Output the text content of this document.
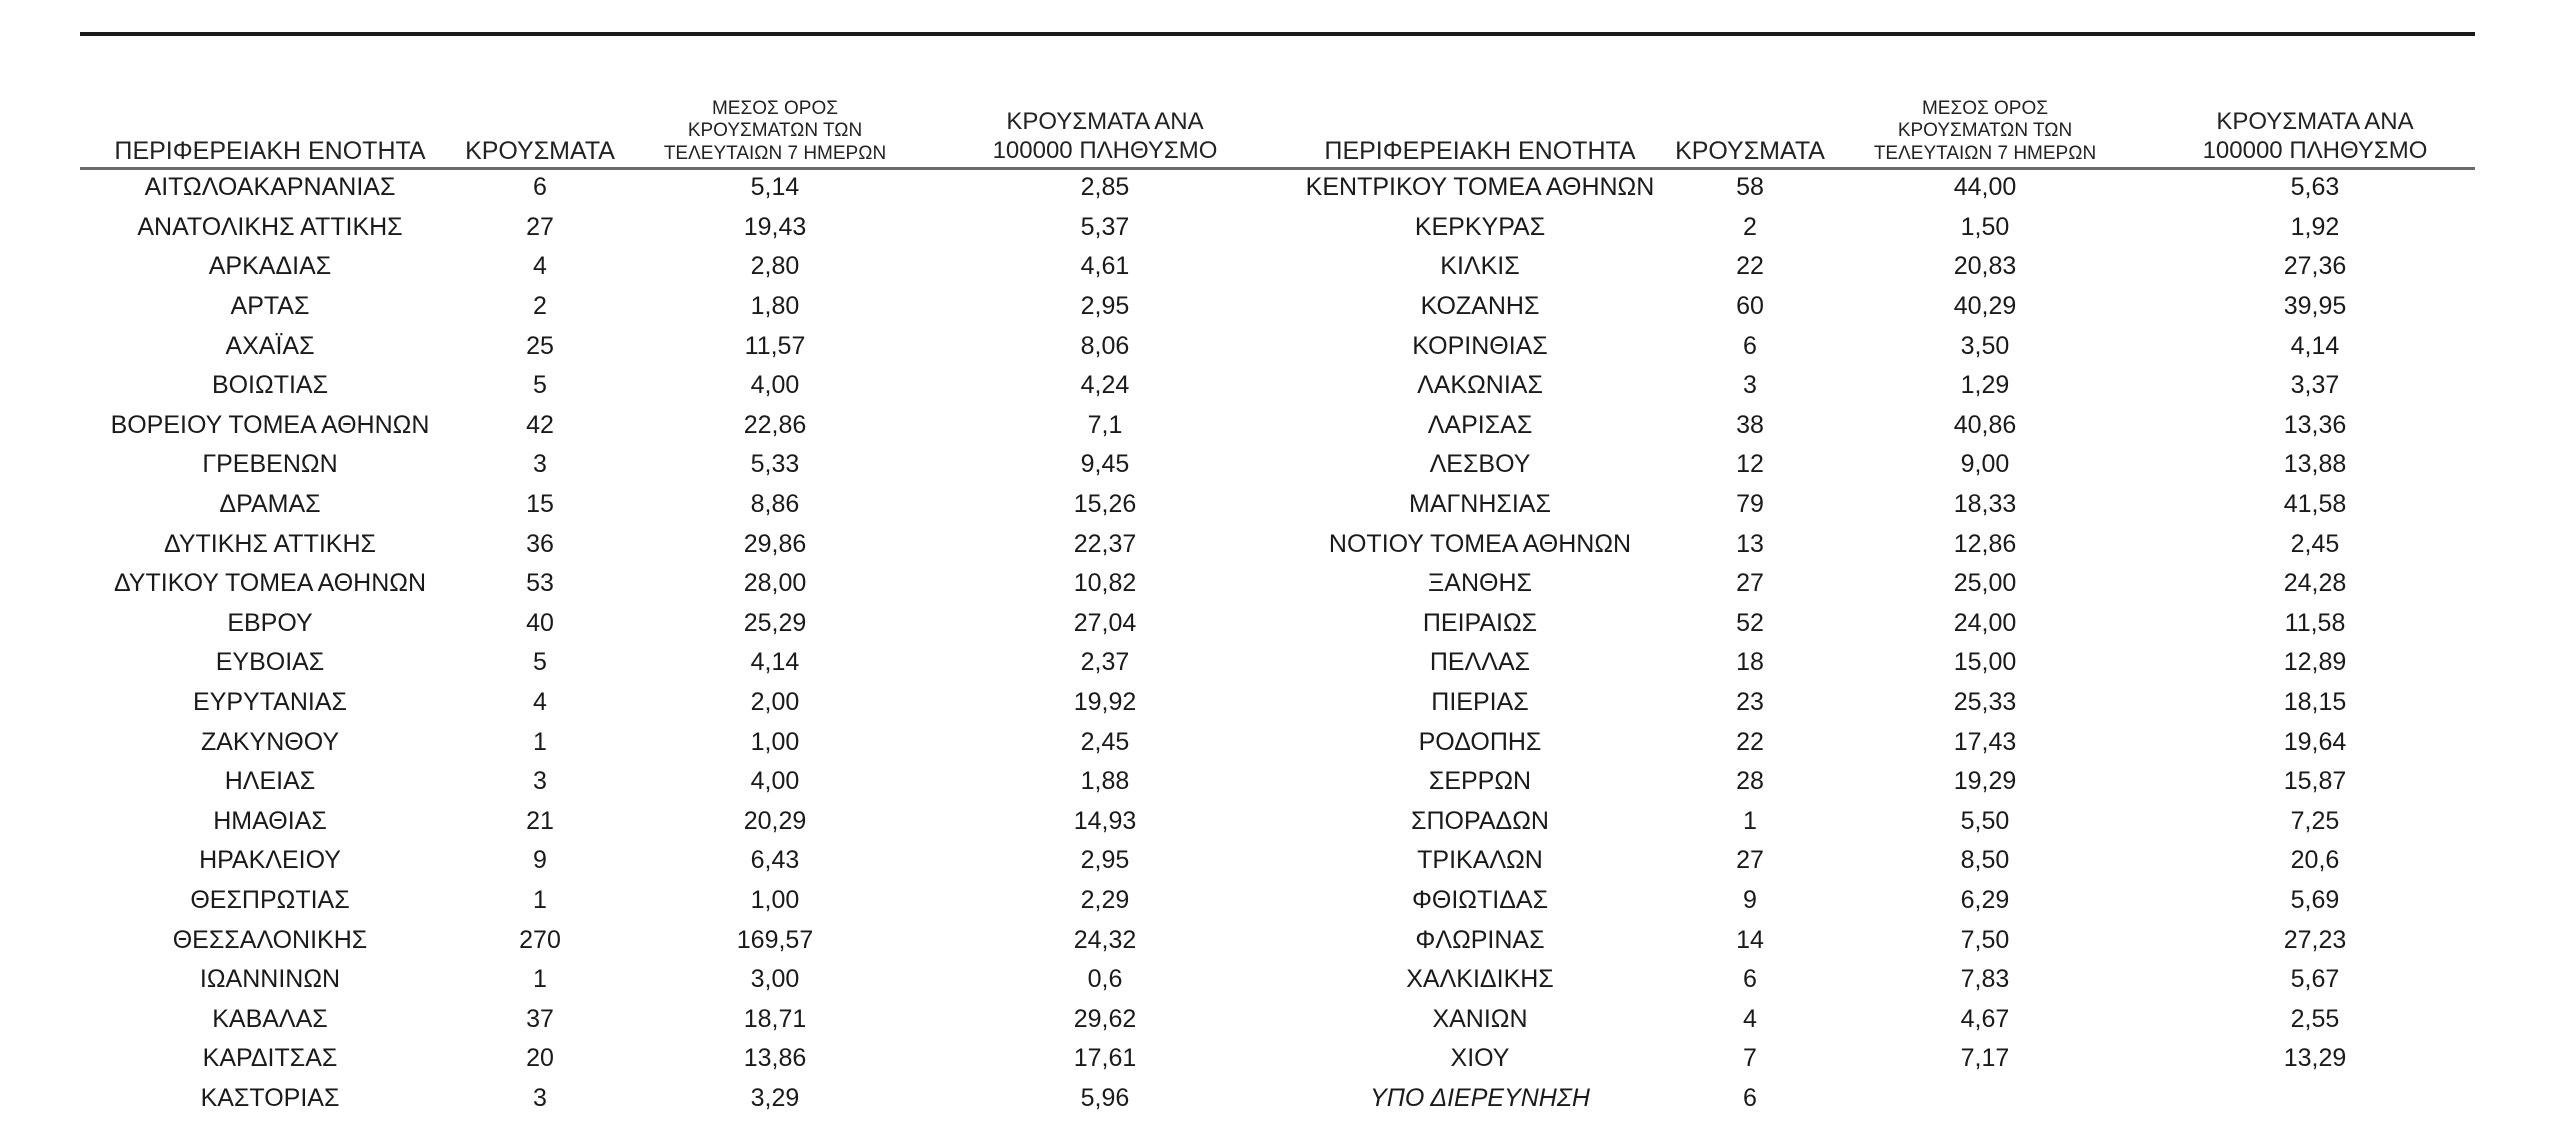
ΠΕΡΙΦΕΡΕΙΑΚΗ ΕΝΟΤΗΤΑ	ΚΡΟΥΣΜΑΤΑ	ΜΕΣΟΣ ΟΡΟΣ
ΚΡΟΥΣΜΑΤΩΝ ΤΩΝ
ΤΕΛΕΥΤΑΙΩΝ 7 ΗΜΕΡΩΝ	ΚΡΟΥΣΜΑΤΑ ΑΝΑ
100000 ΠΛΗΘΥΣΜΟ

ΑΙΤΩΛΟΑΚΑΡΝΑΝΙΑΣ	6	5,14	2,85
ΑΝΑΤΟΛΙΚΗΣ ΑΤΤΙΚΗΣ	27	19,43	5,37
ΑΡΚΑΔΙΑΣ	4	2,80	4,61
ΑΡΤΑΣ	2	1,80	2,95
ΑΧΑΪΑΣ	25	11,57	8,06
ΒΟΙΩΤΙΑΣ	5	4,00	4,24
ΒΟΡΕΙΟΥ ΤΟΜΕΑ ΑΘΗΝΩΝ	42	22,86	7,1
ΓΡΕΒΕΝΩΝ	3	5,33	9,45
ΔΡΑΜΑΣ	15	8,86	15,26
ΔΥΤΙΚΗΣ ΑΤΤΙΚΗΣ	36	29,86	22,37
ΔΥΤΙΚΟΥ ΤΟΜΕΑ ΑΘΗΝΩΝ	53	28,00	10,82
ΕΒΡΟΥ	40	25,29	27,04
ΕΥΒΟΙΑΣ	5	4,14	2,37
ΕΥΡΥΤΑΝΙΑΣ	4	2,00	19,92
ΖΑΚΥΝΘΟΥ	1	1,00	2,45
ΗΛΕΙΑΣ	3	4,00	1,88
ΗΜΑΘΙΑΣ	21	20,29	14,93
ΗΡΑΚΛΕΙΟΥ	9	6,43	2,95
ΘΕΣΠΡΩΤΙΑΣ	1	1,00	2,29
ΘΕΣΣΑΛΟΝΙΚΗΣ	270	169,57	24,32
ΙΩΑΝΝΙΝΩΝ	1	3,00	0,6
ΚΑΒΑΛΑΣ	37	18,71	29,62
ΚΑΡΔΙΤΣΑΣ	20	13,86	17,61
ΚΑΣΤΟΡΙΑΣ	3	3,29	5,96
ΠΕΡΙΦΕΡΕΙΑΚΗ ΕΝΟΤΗΤΑ	ΚΡΟΥΣΜΑΤΑ	ΜΕΣΟΣ ΟΡΟΣ
ΚΡΟΥΣΜΑΤΩΝ ΤΩΝ
ΤΕΛΕΥΤΑΙΩΝ 7 ΗΜΕΡΩΝ	ΚΡΟΥΣΜΑΤΑ ΑΝΑ
100000 ΠΛΗΘΥΣΜΟ

ΚΕΝΤΡΙΚΟΥ ΤΟΜΕΑ ΑΘΗΝΩΝ	58	44,00	5,63
ΚΕΡΚΥΡΑΣ	2	1,50	1,92
ΚΙΛΚΙΣ	22	20,83	27,36
ΚΟΖΑΝΗΣ	60	40,29	39,95
ΚΟΡΙΝΘΙΑΣ	6	3,50	4,14
ΛΑΚΩΝΙΑΣ	3	1,29	3,37
ΛΑΡΙΣΑΣ	38	40,86	13,36
ΛΕΣΒΟΥ	12	9,00	13,88
ΜΑΓΝΗΣΙΑΣ	79	18,33	41,58
ΝΟΤΙΟΥ ΤΟΜΕΑ ΑΘΗΝΩΝ	13	12,86	2,45
ΞΑΝΘΗΣ	27	25,00	24,28
ΠΕΙΡΑΙΩΣ	52	24,00	11,58
ΠΕΛΛΑΣ	18	15,00	12,89
ΠΙΕΡΙΑΣ	23	25,33	18,15
ΡΟΔΟΠΗΣ	22	17,43	19,64
ΣΕΡΡΩΝ	28	19,29	15,87
ΣΠΟΡΑΔΩΝ	1	5,50	7,25
ΤΡΙΚΑΛΩΝ	27	8,50	20,6
ΦΘΙΩΤΙΔΑΣ	9	6,29	5,69
ΦΛΩΡΙΝΑΣ	14	7,50	27,23
ΧΑΛΚΙΔΙΚΗΣ	6	7,83	5,67
ΧΑΝΙΩΝ	4	4,67	2,55
ΧΙΟΥ	7	7,17	13,29
ΥΠΟ ΔΙΕΡΕΥΝΗΣΗ	6		
